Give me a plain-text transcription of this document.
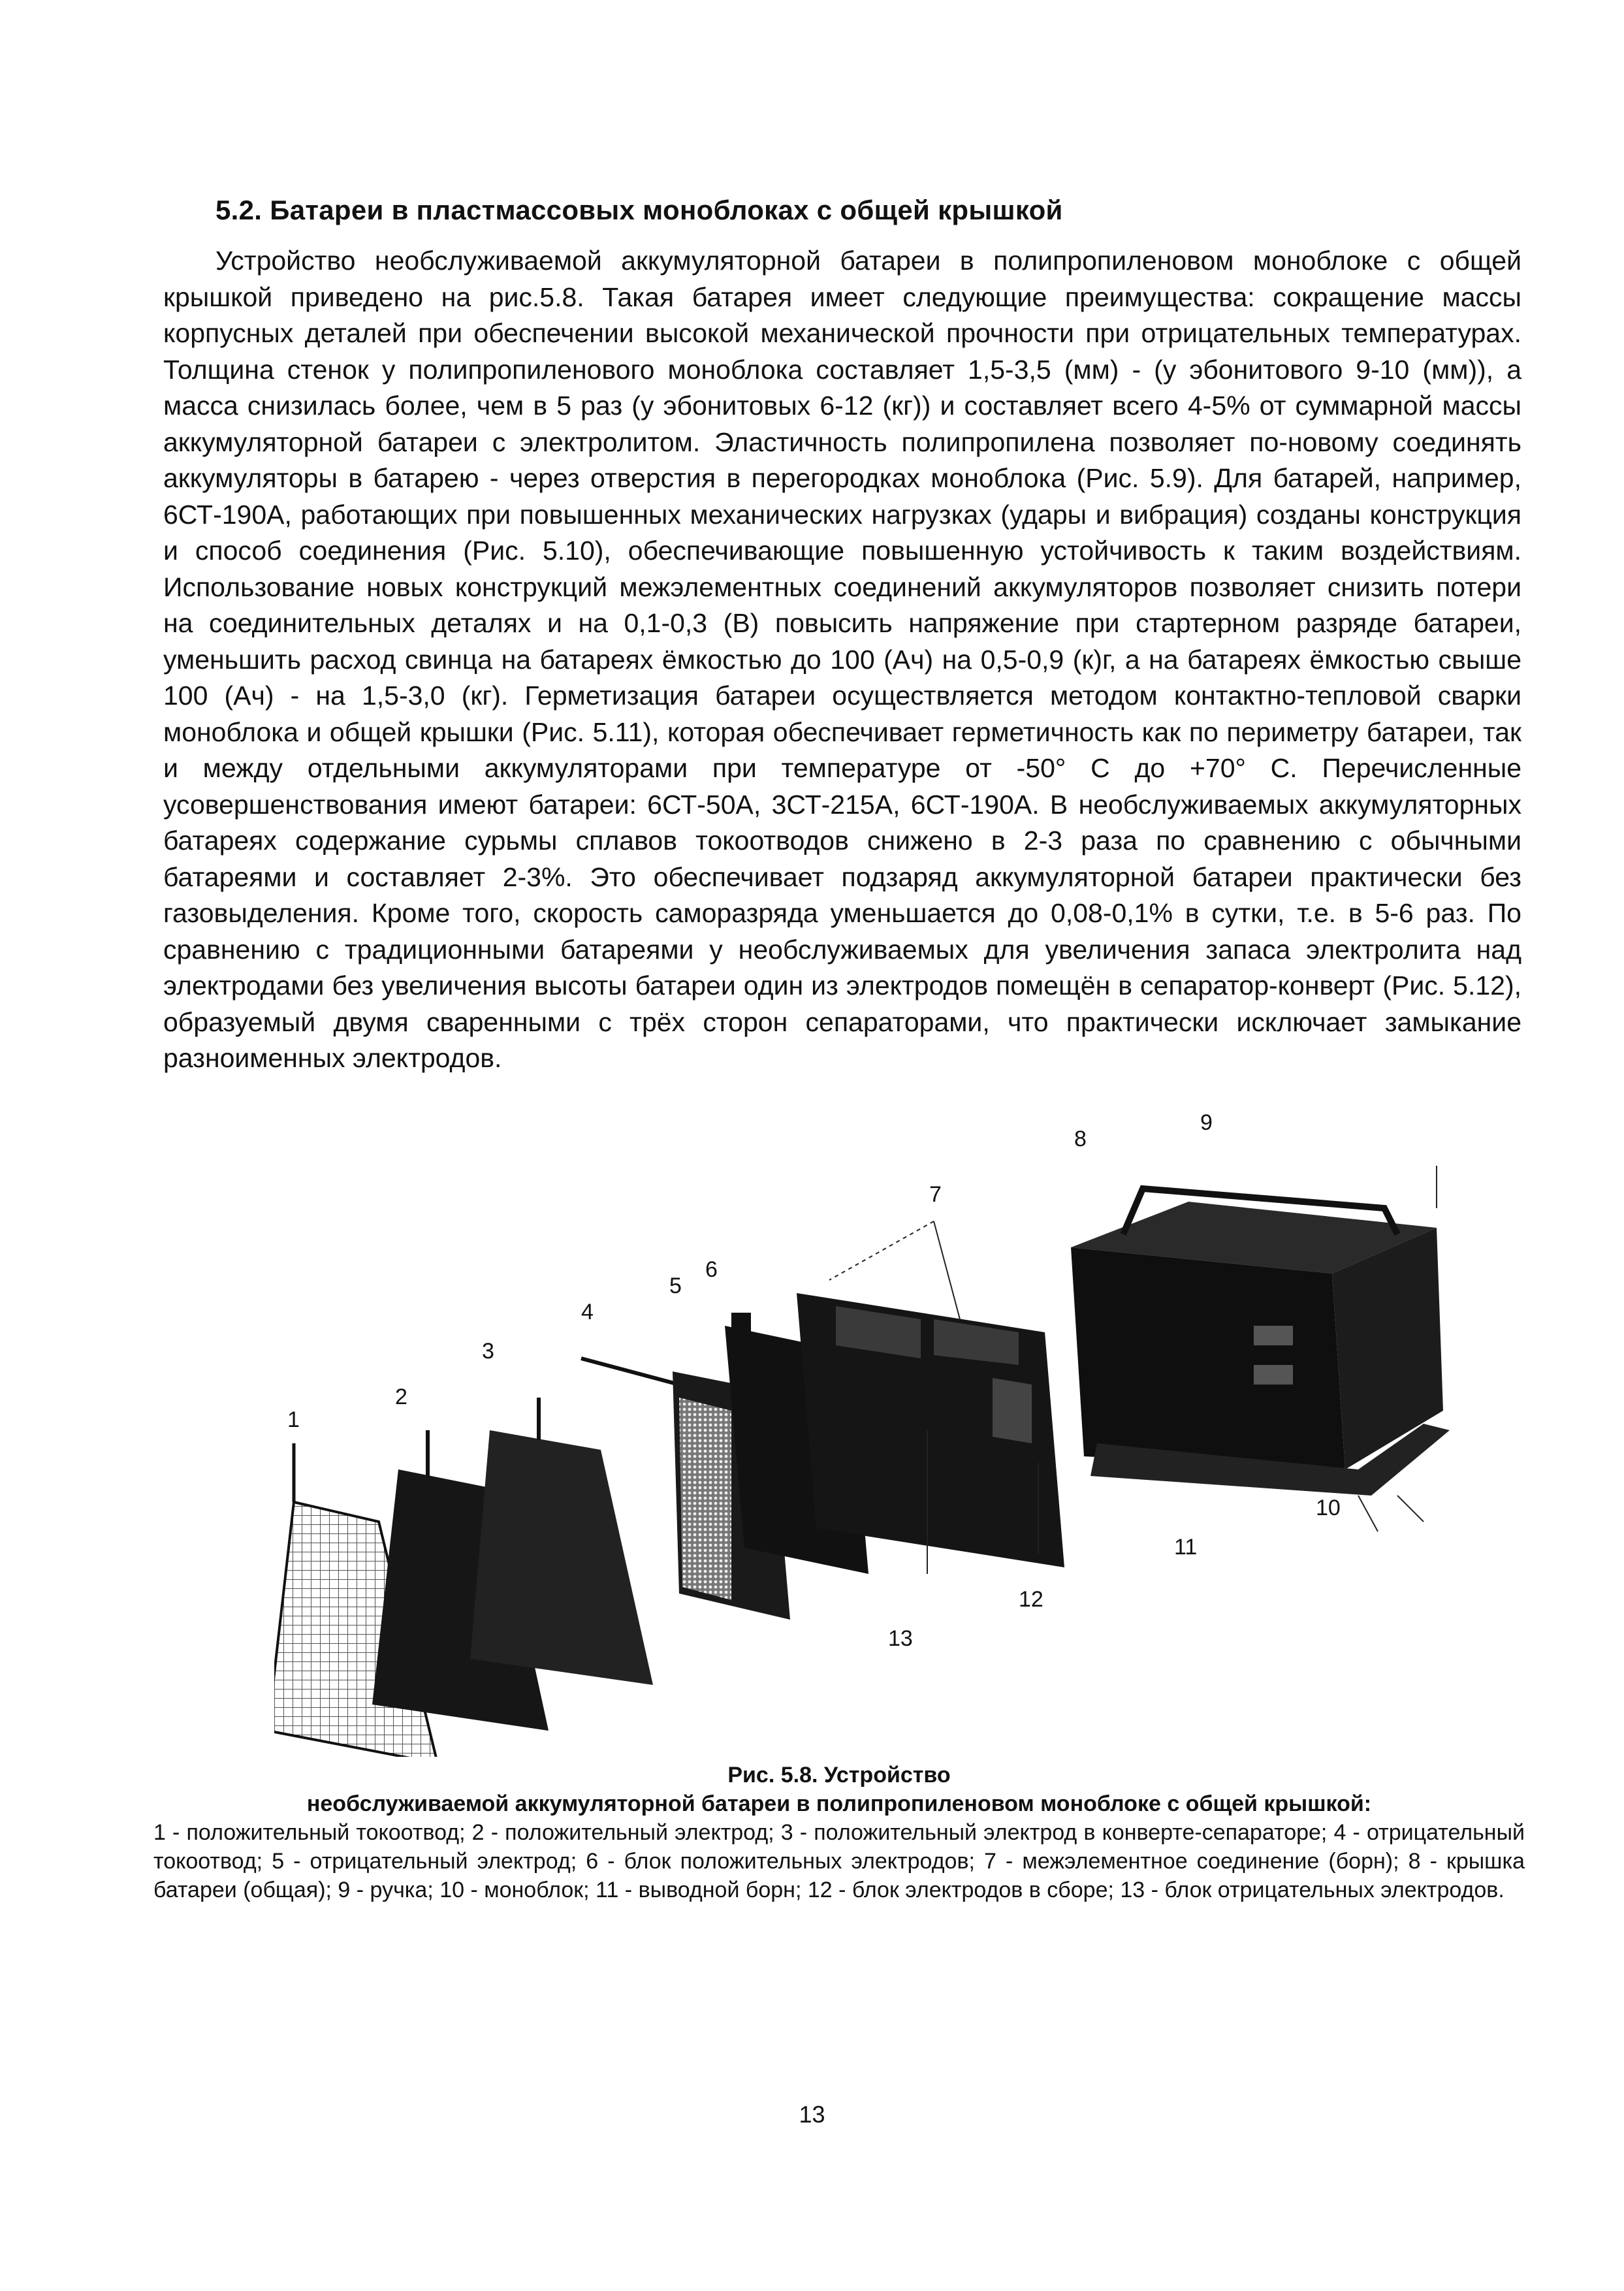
5.2. Батареи в пластмассовых моноблоках с общей крышкой

Устройство необслуживаемой аккумуляторной батареи в полипропиленовом моноблоке с общей крышкой приведено на рис.5.8. Такая батарея имеет следующие преимущества: сокращение массы корпусных деталей при обеспечении высокой механической прочности при отрицательных температурах. Толщина стенок у полипропиленового моноблока составляет 1,5-3,5 (мм) - (у эбонитового 9-10 (мм)), а масса снизилась более, чем в 5 раз (у эбонитовых 6-12 (кг)) и составляет всего 4-5% от суммарной массы аккумуляторной батареи с электролитом. Эластичность полипропилена позволяет по-новому соединять аккумуляторы в батарею - через отверстия в перегородках моноблока (Рис. 5.9). Для батарей, например, 6СТ-190А, работающих при повышенных механических нагрузках (удары и вибрация) созданы конструкция и способ соединения (Рис. 5.10), обеспечивающие повышенную устойчивость к таким воздействиям. Использование новых конструкций межэлементных соединений аккумуляторов позволяет снизить потери на соединительных деталях и на 0,1-0,3 (В) повысить напряжение при стартерном разряде батареи, уменьшить расход свинца на батареях ёмкостью до 100 (Ач) на 0,5-0,9 (к)г, а на батареях ёмкостью свыше 100 (Ач) - на 1,5-3,0 (кг). Герметизация батареи осуществляется методом контактно-тепловой сварки моноблока и общей крышки (Рис. 5.11), которая обеспечивает герметичность как по периметру батареи, так и между отдельными аккумуляторами при температуре от -50° С до +70° С. Перечисленные усовершенствования имеют батареи: 6СТ-50А, 3СТ-215А, 6СТ-190А. В необслуживаемых аккумуляторных батареях содержание сурьмы сплавов токоотводов снижено в 2-3 раза по сравнению с обычными батареями и составляет 2-3%. Это обеспечивает подзаряд аккумуляторной батареи практически без газовыделения. Кроме того, скорость саморазряда уменьшается до 0,08-0,1% в сутки, т.е. в 5-6 раз. По сравнению с традиционными батареями у необслуживаемых для увеличения запаса электролита над электродами без увеличения высоты батареи один из электродов помещён в сепаратор-конверт (Рис. 5.12), образуемый двумя сваренными с трёх сторон сепараторами, что практически исключает замыкание разноименных электродов.

1
2
3
4
5
6
7
8
9
10
11
12
13
Рис. 5.8. Устройство
необслуживаемой аккумуляторной батареи в полипропиленовом моноблоке с общей крышкой:
1 - положительный токоотвод; 2 - положительный электрод; 3 - положительный электрод в конверте-сепараторе; 4 - отрицательный токоотвод; 5 - отрицательный электрод; 6 - блок положительных электродов; 7 - межэлементное соединение (борн); 8 - крышка батареи (общая); 9 - ручка; 10 - моноблок; 11 - выводной борн; 12 - блок электродов в сборе; 13 - блок отрицательных электродов.
13
